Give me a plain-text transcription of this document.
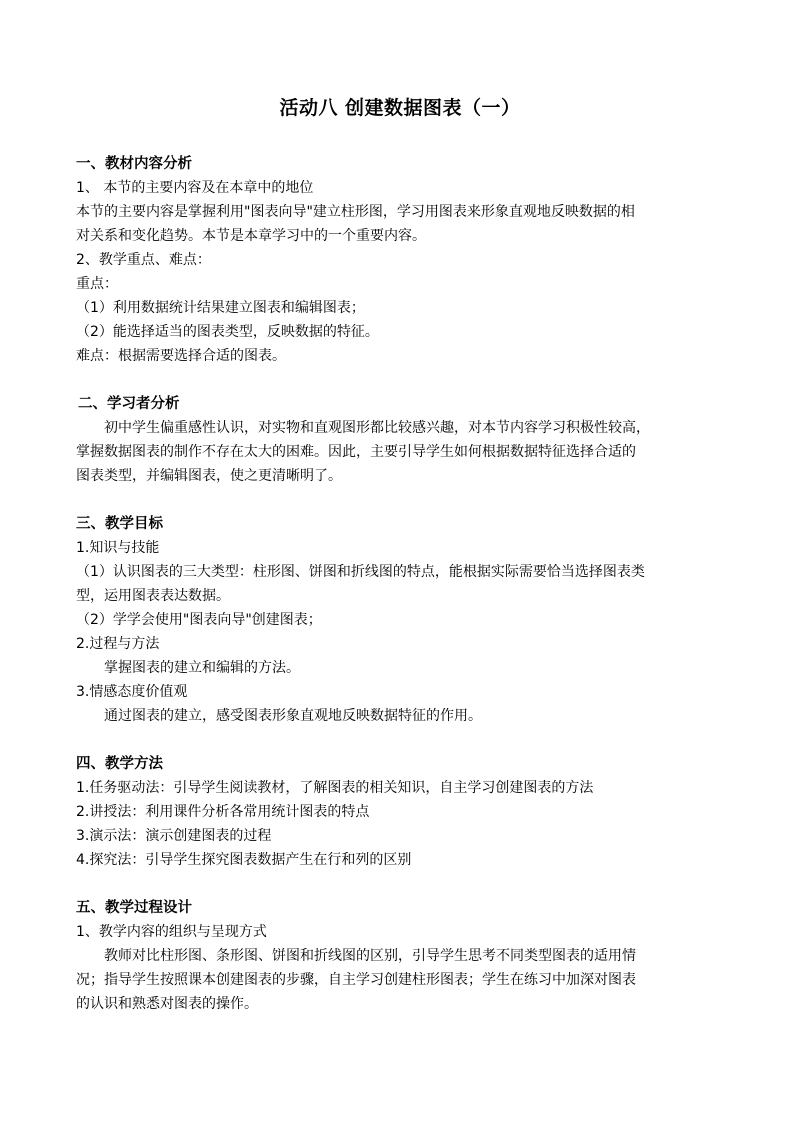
活动八 创建数据图表（一）
一、教材内容分析
1、 本节的主要内容及在本章中的地位
本节的主要内容是掌握利用"图表向导"建立柱形图，学习用图表来形象直观地反映数据的相
对关系和变化趋势。本节是本章学习中的一个重要内容。
2、教学重点、难点：
重点：
（1）利用数据统计结果建立图表和编辑图表；
（2）能选择适当的图表类型，反映数据的特征。
难点：根据需要选择合适的图表。
二、学习者分析
初中学生偏重感性认识，对实物和直观图形都比较感兴趣，对本节内容学习积极性较高，
掌握数据图表的制作不存在太大的困难。因此，主要引导学生如何根据数据特征选择合适的
图表类型，并编辑图表，使之更清晰明了。
三、教学目标
1.知识与技能
（1）认识图表的三大类型：柱形图、饼图和折线图的特点，能根据实际需要恰当选择图表类
型，运用图表表达数据。
（2）学学会使用"图表向导"创建图表；
2.过程与方法
掌握图表的建立和编辑的方法。
3.情感态度价值观
通过图表的建立，感受图表形象直观地反映数据特征的作用。
四、教学方法
1.任务驱动法：引导学生阅读教材，了解图表的相关知识，自主学习创建图表的方法
2.讲授法：利用课件分析各常用统计图表的特点
3.演示法：演示创建图表的过程
4.探究法：引导学生探究图表数据产生在行和列的区别
五、教学过程设计
1、教学内容的组织与呈现方式
教师对比柱形图、条形图、饼图和折线图的区别，引导学生思考不同类型图表的适用情
况；指导学生按照课本创建图表的步骤，自主学习创建柱形图表；学生在练习中加深对图表
的认识和熟悉对图表的操作。
